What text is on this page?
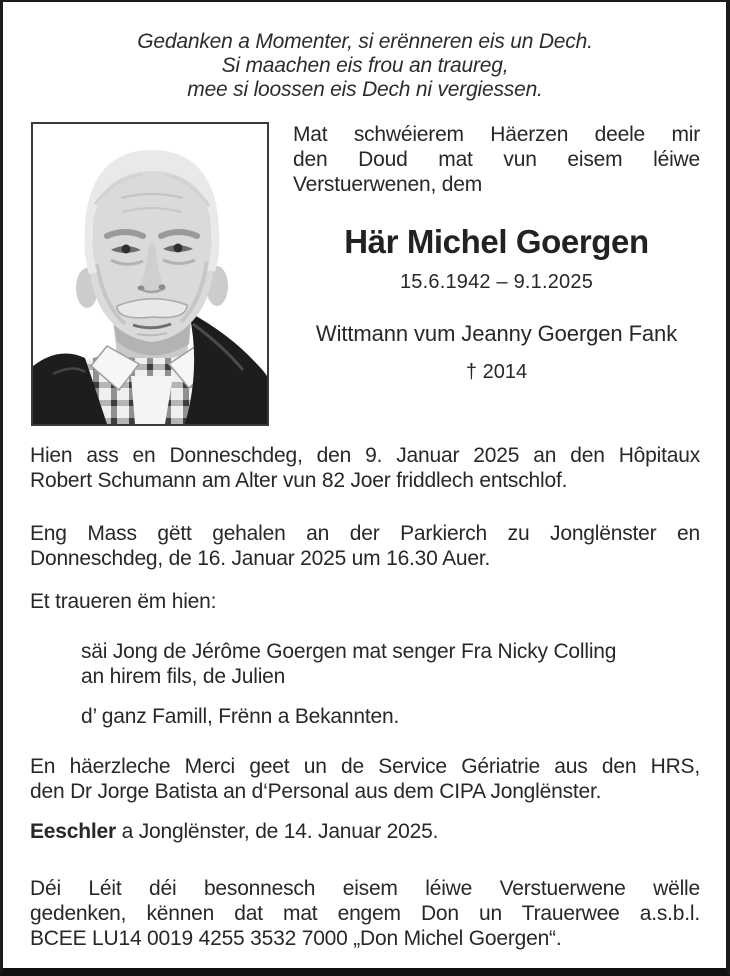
Gedanken a Momenter, si erënneren eis un Dech.
Si maachen eis frou an traureg,
mee si loossen eis Dech ni vergiessen.
Mat schwéierem Häerzen deele mir
den Doud mat vun eisem léiwe
Verstuerwenen, dem
Här Michel Goergen
15.6.1942 – 9.1.2025
Wittmann vum Jeanny Goergen Fank
† 2014
Hien ass en Donneschdeg, den 9. Januar 2025 an den Hôpitaux
Robert Schumann am Alter vun 82 Joer friddlech entschlof.
Eng Mass gëtt gehalen an der Parkierch zu Jonglënster en
Donneschdeg, de 16. Januar 2025 um 16.30 Auer.
Et traueren ëm hien:
säi Jong de Jérôme Goergen mat senger Fra Nicky Colling
an hirem fils, de Julien
d’ ganz Famill, Frënn a Bekannten.
En häerzleche Merci geet un de Service Gériatrie aus den HRS,
den Dr Jorge Batista an d‘Personal aus dem CIPA Jonglënster.
Eeschler a Jonglënster, de 14. Januar 2025.
Déi Léit déi besonnesch eisem léiwe Verstuerwene wëlle
gedenken, kënnen dat mat engem Don un Trauerwee a.s.b.l.
BCEE LU14 0019 4255 3532 7000 „Don Michel Goergen“.
